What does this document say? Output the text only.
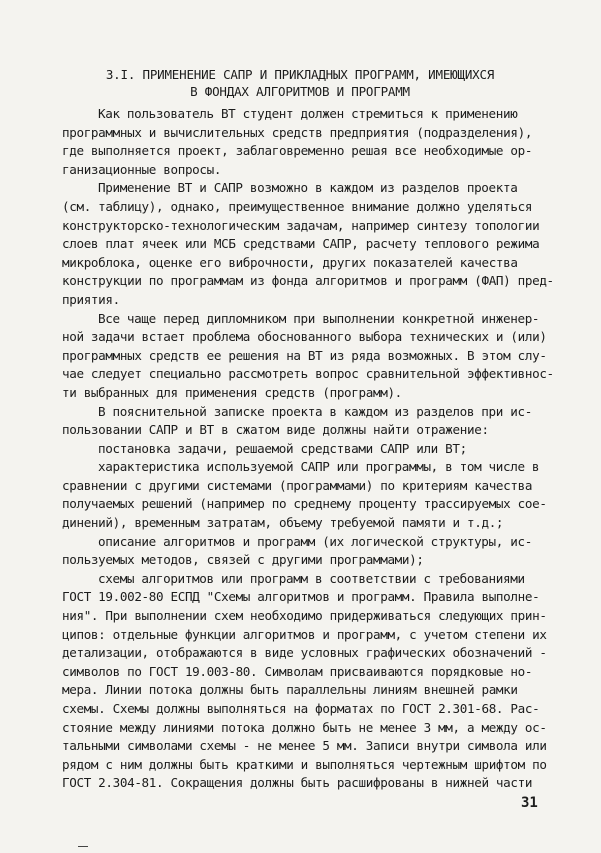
3.I. ПРИМЕНЕНИЕ САПР И ПРИКЛАДНЫХ ПРОГРАММ, ИМЕЮЩИХСЯ
В ФОНДАХ АЛГОРИТМОВ И ПРОГРАММ
Как пользователь ВТ студент должен стремиться к применению
программных и вычислительных средств предприятия (подразделения),
где выполняется проект, заблаговременно решая все необходимые ор-
ганизационные вопросы.
Применение ВТ и САПР возможно в каждом из разделов проекта
(см. таблицу), однако, преимущественное внимание должно уделяться
конструкторско-технологическим задачам, например синтезу топологии
слоев плат ячеек или МСБ средствами САПР, расчету теплового режима
микроблока, оценке его виброчности, других показателей качества
конструкции по программам из фонда алгоритмов и программ (ФАП) пред-
приятия.
Все чаще перед дипломником при выполнении конкретной инженер-
ной задачи встает проблема обоснованного выбора технических и (или)
программных средств ее решения на ВТ из ряда возможных. В этом слу-
чае следует специально рассмотреть вопрос сравнительной эффективнос-
ти выбранных для применения средств (программ).
В пояснительной записке проекта в каждом из разделов при ис-
пользовании САПР и ВТ в сжатом виде должны найти отражение:
постановка задачи, решаемой средствами САПР или ВТ;
характеристика используемой САПР или программы, в том числе в
сравнении с другими системами (программами) по критериям качества
получаемых решений (например по среднему проценту трассируемых сое-
динений), временным затратам, объему требуемой памяти и т.д.;
описание алгоритмов и программ (их логической структуры, ис-
пользуемых методов, связей с другими программами);
схемы алгоритмов или программ в соответствии с требованиями
ГОСТ 19.002-80 ЕСПД "Схемы алгоритмов и программ. Правила выполне-
ния". При выполнении схем необходимо придерживаться следующих прин-
ципов: отдельные функции алгоритмов и программ, с учетом степени их
детализации, отображаются в виде условных графических обозначений -
символов по ГОСТ 19.003-80. Символам присваиваются порядковые но-
мера. Линии потока должны быть параллельны линиям внешней рамки
схемы. Схемы должны выполняться на форматах по ГОСТ 2.301-68. Рас-
стояние между линиями потока должно быть не менее 3 мм, а между ос-
тальными символами схемы - не менее 5 мм. Записи внутри символа или
рядом с ним должны быть краткими и выполняться чертежным шрифтом по
ГОСТ 2.304-81. Сокращения должны быть расшифрованы в нижней части
31
